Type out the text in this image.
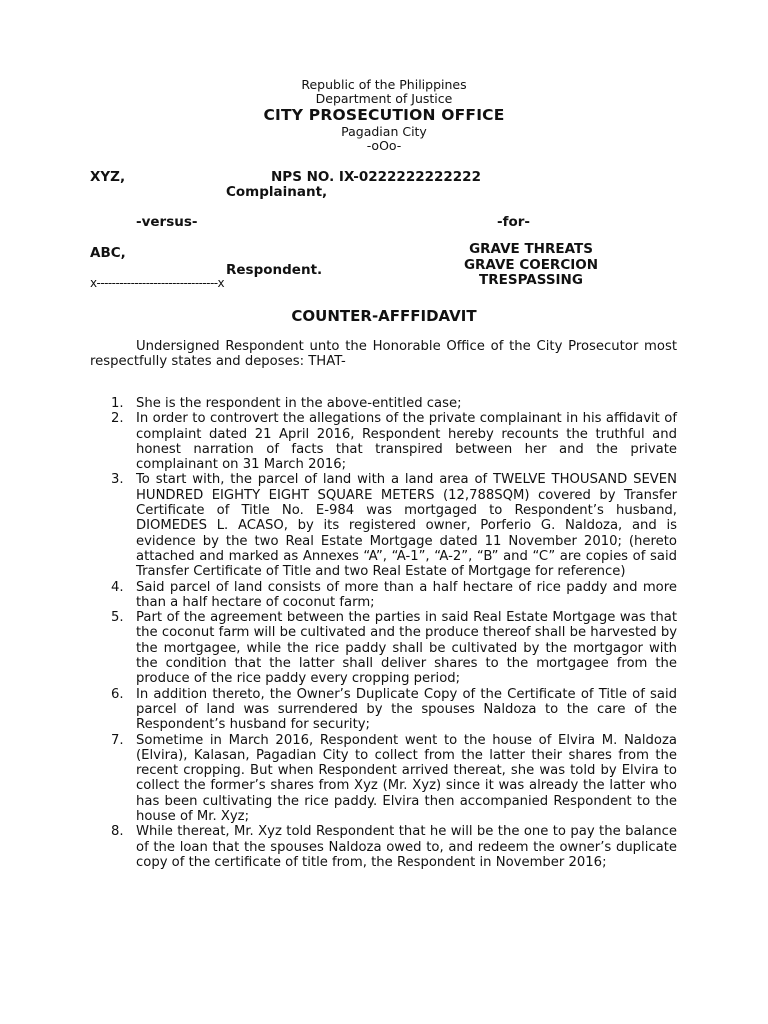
Republic of the Philippines
Department of Justice
CITY PROSECUTION OFFICE
Pagadian City
-oOo-
XYZ,	NPS NO. IX-0222222222222
Complainant,
-versus-	-for-
ABC,
Respondent.
x--------------------------------x
GRAVE THREATS
GRAVE COERCION
TRESPASSING
COUNTER-AFFFIDAVIT
Undersigned Respondent unto the Honorable Office of the City Prosecutor most respectfully states and deposes: THAT-
1. She is the respondent in the above-entitled case;
2. In order to controvert the allegations of the private complainant in his affidavit of complaint dated 21 April 2016, Respondent hereby recounts the truthful and honest narration of facts that transpired between her and the private complainant on 31 March 2016;
3. To start with, the parcel of land with a land area of TWELVE THOUSAND SEVEN HUNDRED EIGHTY EIGHT SQUARE METERS (12,788SQM) covered by Transfer Certificate of Title No. E-984 was mortgaged to Respondent’s husband, DIOMEDES L. ACASO, by its registered owner, Porferio G. Naldoza, and is evidence by the two Real Estate Mortgage dated 11 November 2010; (hereto attached and marked as Annexes “A”, “A-1”, “A-2”, “B” and “C” are copies of said Transfer Certificate of Title and two Real Estate of Mortgage for reference)
4. Said parcel of land consists of more than a half hectare of rice paddy and more than a half hectare of coconut farm;
5. Part of the agreement between the parties in said Real Estate Mortgage was that the coconut farm will be cultivated and the produce thereof shall be harvested by the mortgagee, while the rice paddy shall be cultivated by the mortgagor with the condition that the latter shall deliver shares to the mortgagee from the produce of the rice paddy every cropping period;
6. In addition thereto, the Owner’s Duplicate Copy of the Certificate of Title of said parcel of land was surrendered by the spouses Naldoza to the care of the Respondent’s husband for security;
7. Sometime in March 2016, Respondent went to the house of Elvira M. Naldoza (Elvira), Kalasan, Pagadian City to collect from the latter their shares from the recent cropping. But when Respondent arrived thereat, she was told by Elvira to collect the former’s shares from Xyz (Mr. Xyz) since it was already the latter who has been cultivating the rice paddy. Elvira then accompanied Respondent to the house of Mr. Xyz;
8. While thereat, Mr. Xyz told Respondent that he will be the one to pay the balance of the loan that the spouses Naldoza owed to, and redeem the owner’s duplicate copy of the certificate of title from, the Respondent in November 2016;
